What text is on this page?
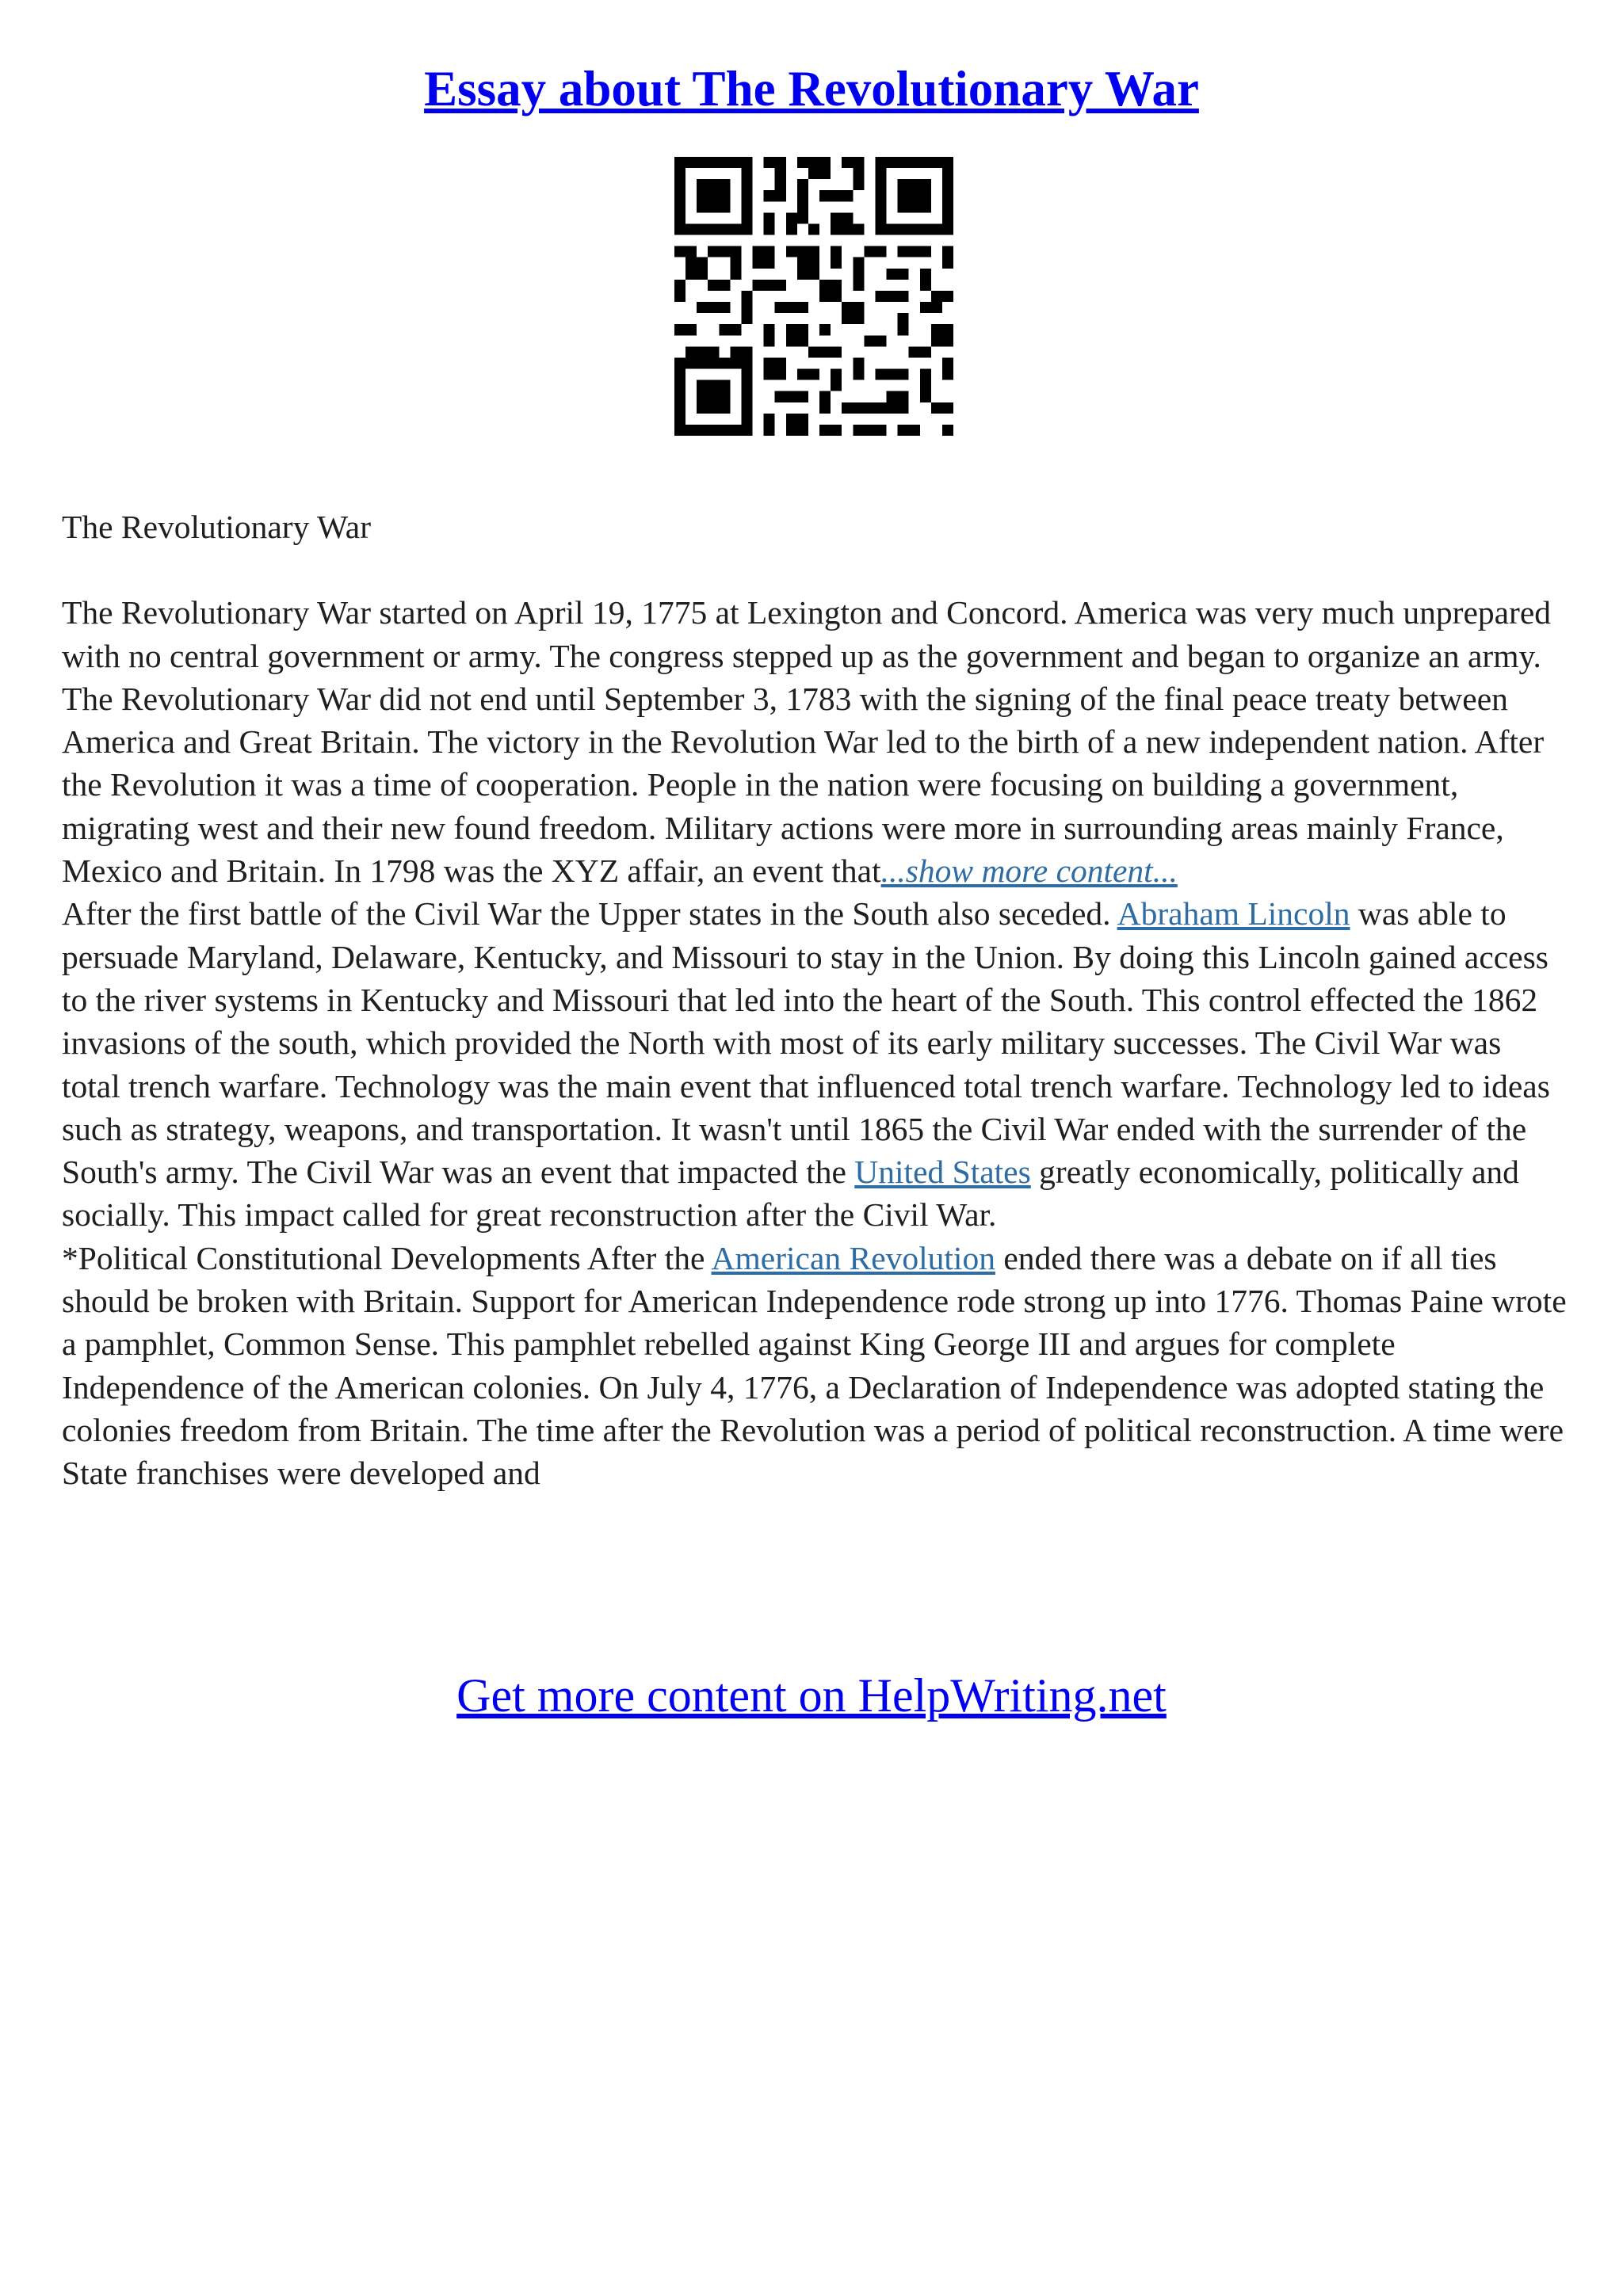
Essay about The Revolutionary War

The Revolutionary War

The Revolutionary War started on April 19, 1775 at Lexington and Concord. America was very much unprepared with no central government or army. The congress stepped up as the government and began to organize an army. The Revolutionary War did not end until September 3, 1783 with the signing of the final peace treaty between America and Great Britain. The victory in the Revolution War led to the birth of a new independent nation. After the Revolution it was a time of cooperation. People in the nation were focusing on building a government, migrating west and their new found freedom. Military actions were more in surrounding areas mainly France, Mexico and Britain. In 1798 was the XYZ affair, an event that...show more content...

After the first battle of the Civil War the Upper states in the South also seceded. Abraham Lincoln was able to persuade Maryland, Delaware, Kentucky, and Missouri to stay in the Union. By doing this Lincoln gained access to the river systems in Kentucky and Missouri that led into the heart of the South. This control effected the 1862 invasions of the south, which provided the North with most of its early military successes. The Civil War was total trench warfare. Technology was the main event that influenced total trench warfare. Technology led to ideas such as strategy, weapons, and transportation. It wasn't until 1865 the Civil War ended with the surrender of the South's army. The Civil War was an event that impacted the United States greatly economically, politically and socially. This impact called for great reconstruction after the Civil War.

*Political Constitutional Developments After the American Revolution ended there was a debate on if all ties should be broken with Britain. Support for American Independence rode strong up into 1776. Thomas Paine wrote a pamphlet, Common Sense. This pamphlet rebelled against King George III and argues for complete Independence of the American colonies. On July 4, 1776, a Declaration of Independence was adopted stating the colonies freedom from Britain. The time after the Revolution was a period of political reconstruction. A time were State franchises were developed and

Get more content on HelpWriting.net
